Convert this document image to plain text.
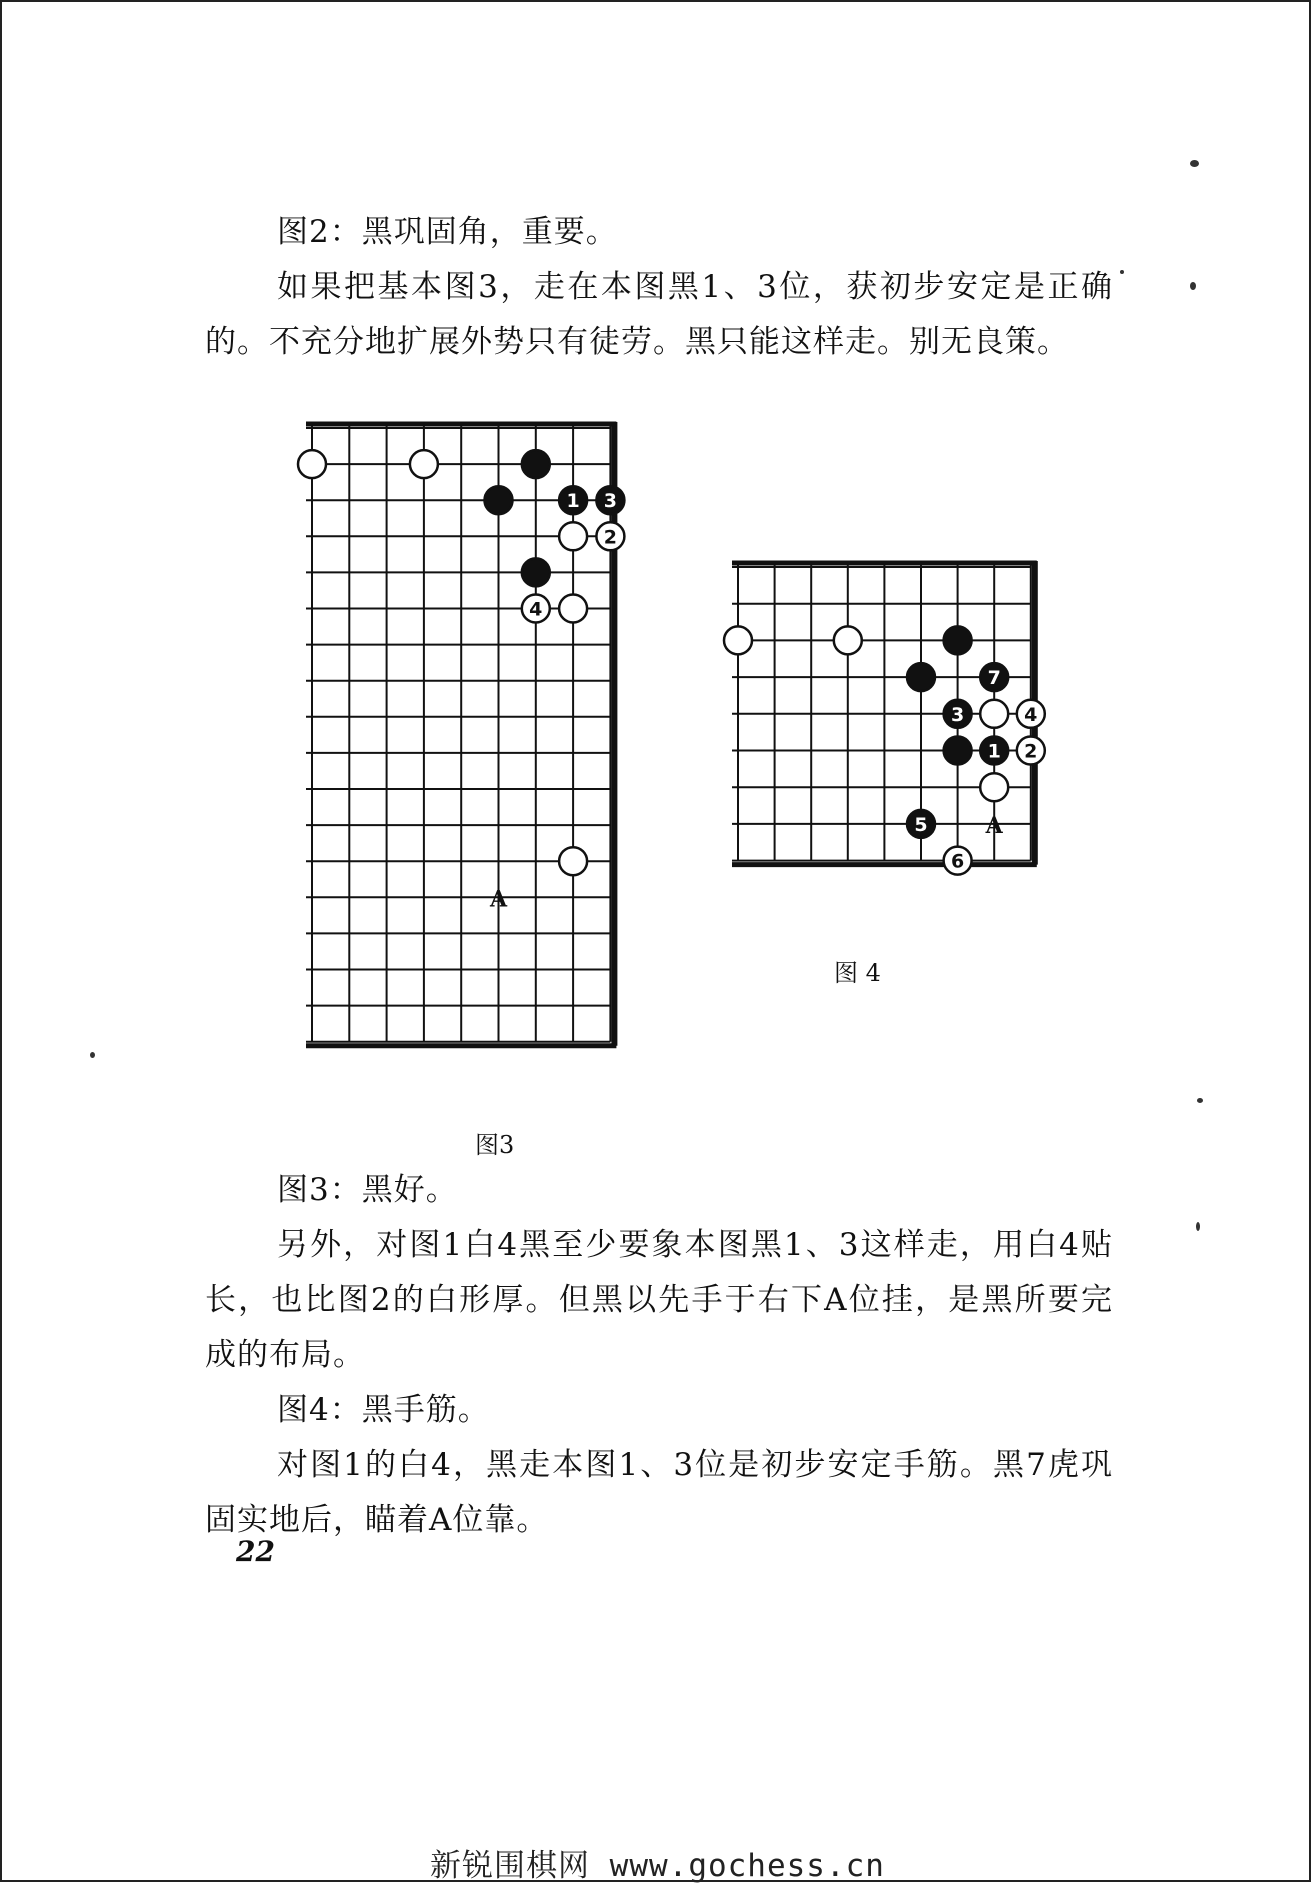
图2：黑巩固角，重要。
如果把基本图3，走在本图黑1、3位，获初步安定是正确的。不充分地扩展外势只有徒劳。黑只能这样走。别无良策。
1 3
2
4
A
图3
7
3	4
1 2
5
6
A
图 4
图3：黑好。
另外，对图1白4黑至少要象本图黑1、3这样走，用白4贴长，也比图2的白形厚。但黑以先手于右下A位挂，是黑所要完成的布局。
图4：黑手筋。
对图1的白4，黑走本图1、3位是初步安定手筋。黑7虎巩固实地后，瞄着A位靠。
22
新锐围棋网 www.gochess.cn
